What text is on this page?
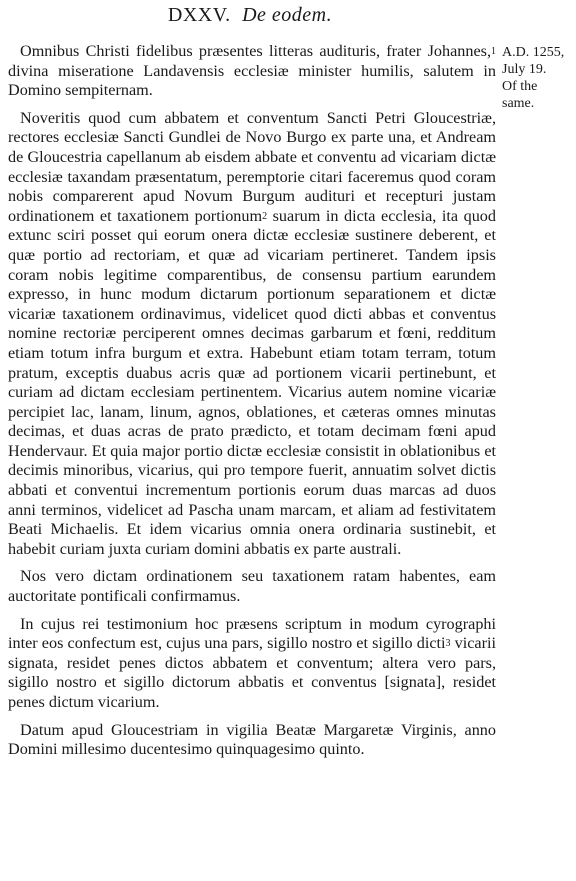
DXXV. De eodem.
A.D. 1255,
July 19.
Of the
same.

Omnibus Christi fidelibus præsentes litteras audituris, frater Johannes,$^1$ divina miseratione Landavensis ecclesiæ minister humilis, salutem in Domino sempiternam.

Noveritis quod cum abbatem et conventum Sancti Petri Gloucestriæ, rectores ecclesiæ Sancti Gundlei de Novo Burgo ex parte una, et Andream de Gloucestria capellanum ab eisdem abbate et conventu ad vicariam dictæ ecclesiæ taxandam præsentatum, peremptorie citari faceremus quod coram nobis comparerent apud Novum Burgum audituri et recepturi justam ordinationem et taxationem portionum$^2$ suarum in dicta ecclesia, ita quod extunc sciri posset qui eorum onera dictæ ecclesiæ sustinere deberent, et quæ portio ad rectoriam, et quæ ad vicariam pertineret. Tandem ipsis coram nobis legitime comparentibus, de consensu partium earundem expresso, in hunc modum dictarum portionum separationem et dictæ vicariæ taxationem ordinavimus, videlicet quod dicti abbas et conventus nomine rectoriæ perciperent omnes decimas garbarum et fœni, redditum etiam totum infra burgum et extra. Habebunt etiam totam terram, totum pratum, exceptis duabus acris quæ ad portionem vicarii pertinebunt, et curiam ad dictam ecclesiam pertinentem. Vicarius autem nomine vicariæ percipiet lac, lanam, linum, agnos, oblationes, et cæteras omnes minutas decimas, et duas acras de prato prædicto, et totam decimam fœni apud Hendervaur. Et quia major portio dictæ ecclesiæ consistit in oblationibus et decimis minoribus, vicarius, qui pro tempore fuerit, annuatim solvet dictis abbati et conventui incrementum portionis eorum duas marcas ad duos anni terminos, videlicet ad Pascha unam marcam, et aliam ad festivitatem Beati Michaelis. Et idem vicarius omnia onera ordinaria sustinebit, et habebit curiam juxta curiam domini abbatis ex parte australi.

Nos vero dictam ordinationem seu taxationem ratam habentes, eam auctoritate pontificali confirmamus.

In cujus rei testimonium hoc præsens scriptum in modum cyrographi inter eos confectum est, cujus una pars, sigillo nostro et sigillo dicti$^3$ vicarii signata, residet penes dictos abbatem et conventum; altera vero pars, sigillo nostro et sigillo dictorum abbatis et conventus [signata], residet penes dictum vicarium.

Datum apud Gloucestriam in vigilia Beatæ Margaretæ Virginis, anno Domini millesimo ducentesimo quinquagesimo quinto.
